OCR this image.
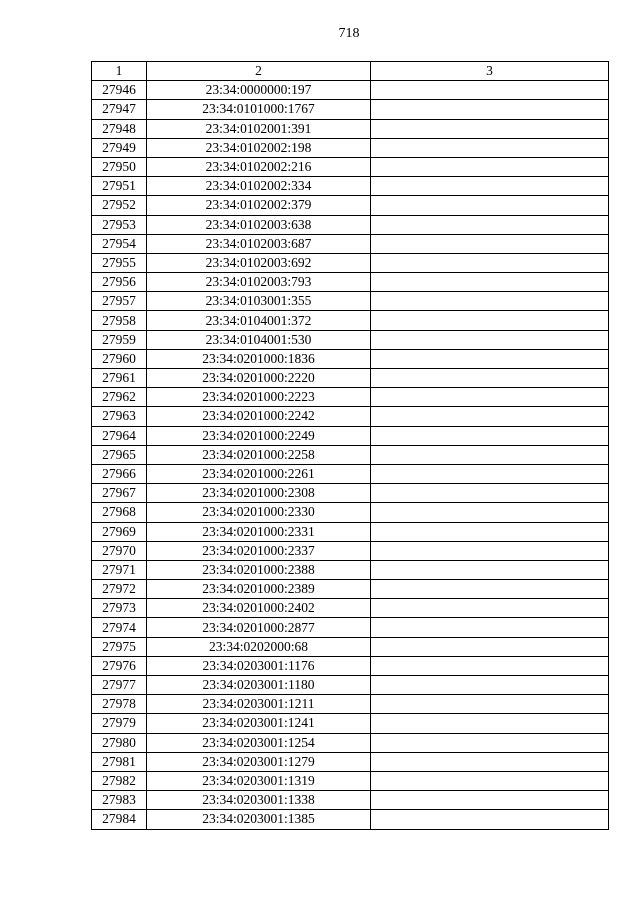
718
1	2	3
27946	23:34:0000000:197	
27947	23:34:0101000:1767	
27948	23:34:0102001:391	
27949	23:34:0102002:198	
27950	23:34:0102002:216	
27951	23:34:0102002:334	
27952	23:34:0102002:379	
27953	23:34:0102003:638	
27954	23:34:0102003:687	
27955	23:34:0102003:692	
27956	23:34:0102003:793	
27957	23:34:0103001:355	
27958	23:34:0104001:372	
27959	23:34:0104001:530	
27960	23:34:0201000:1836	
27961	23:34:0201000:2220	
27962	23:34:0201000:2223	
27963	23:34:0201000:2242	
27964	23:34:0201000:2249	
27965	23:34:0201000:2258	
27966	23:34:0201000:2261	
27967	23:34:0201000:2308	
27968	23:34:0201000:2330	
27969	23:34:0201000:2331	
27970	23:34:0201000:2337	
27971	23:34:0201000:2388	
27972	23:34:0201000:2389	
27973	23:34:0201000:2402	
27974	23:34:0201000:2877	
27975	23:34:0202000:68	
27976	23:34:0203001:1176	
27977	23:34:0203001:1180	
27978	23:34:0203001:1211	
27979	23:34:0203001:1241	
27980	23:34:0203001:1254	
27981	23:34:0203001:1279	
27982	23:34:0203001:1319	
27983	23:34:0203001:1338	
27984	23:34:0203001:1385	
